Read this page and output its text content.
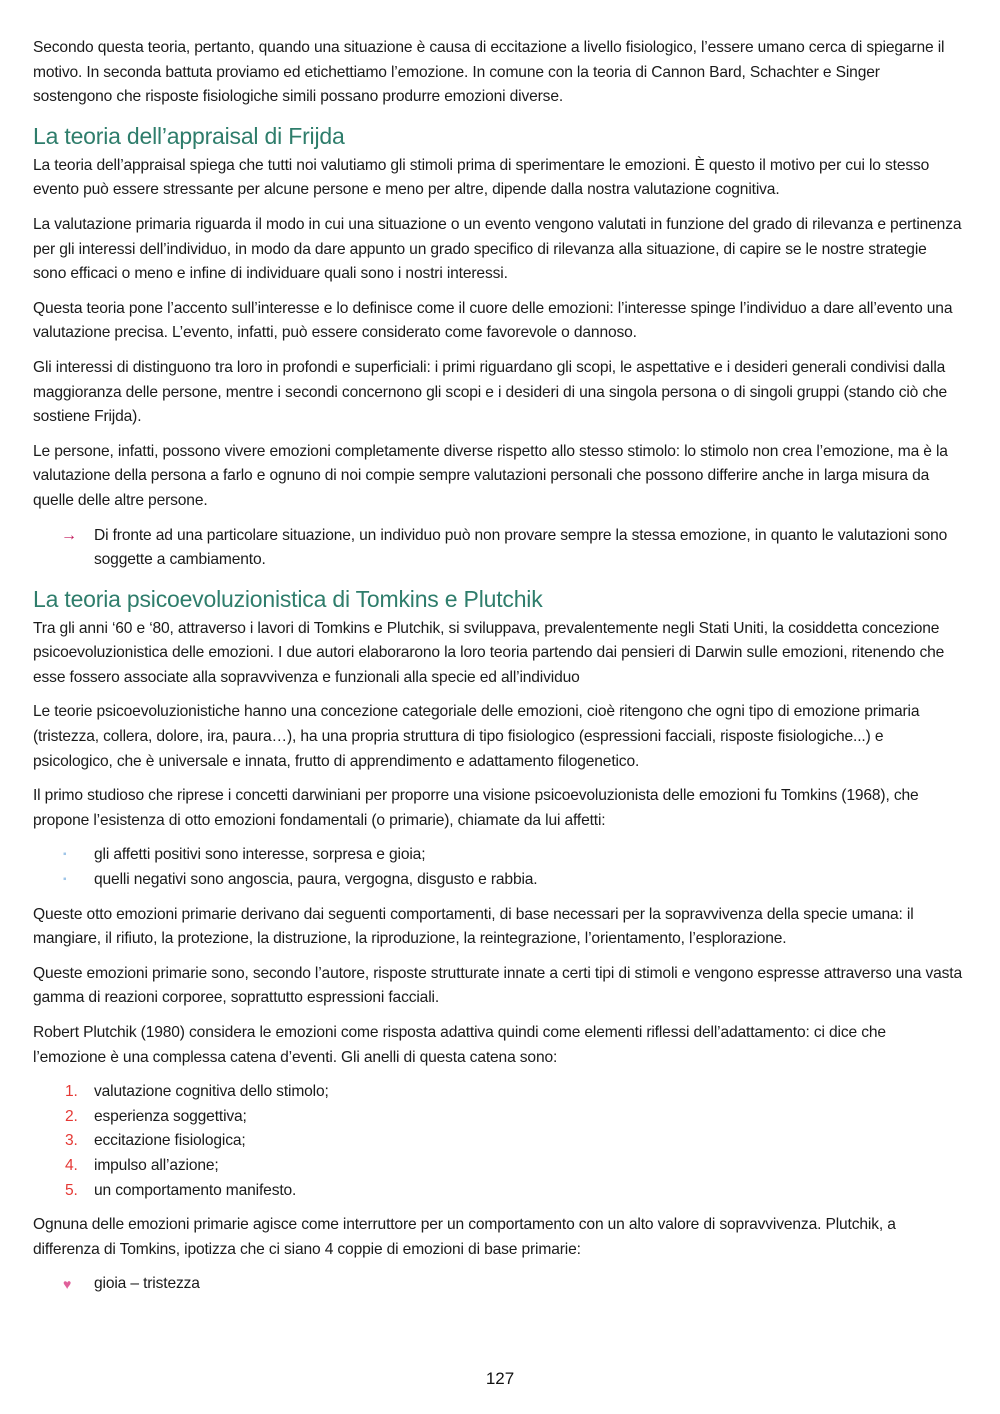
Secondo questa teoria, pertanto, quando una situazione è causa di eccitazione a livello fisiologico, l’essere umano cerca di spiegarne il motivo. In seconda battuta proviamo ed etichettiamo l’emozione. In comune con la teoria di Cannon Bard, Schachter e Singer sostengono che risposte fisiologiche simili possano produrre emozioni diverse.

La teoria dell’appraisal di Frijda

La teoria dell’appraisal spiega che tutti noi valutiamo gli stimoli prima di sperimentare le emozioni. È questo il motivo per cui lo stesso evento può essere stressante per alcune persone e meno per altre, dipende dalla nostra valutazione cognitiva.

La valutazione primaria riguarda il modo in cui una situazione o un evento vengono valutati in funzione del grado di rilevanza e pertinenza per gli interessi dell’individuo, in modo da dare appunto un grado specifico di rilevanza alla situazione, di capire se le nostre strategie sono efficaci o meno e infine di individuare quali sono i nostri interessi.

Questa teoria pone l’accento sull’interesse e lo definisce come il cuore delle emozioni: l’interesse spinge l’individuo a dare all’evento una valutazione precisa. L’evento, infatti, può essere considerato come favorevole o dannoso.

Gli interessi di distinguono tra loro in profondi e superficiali: i primi riguardano gli scopi, le aspettative e i desideri generali condivisi dalla maggioranza delle persone, mentre i secondi concernono gli scopi e i desideri di una singola persona o di singoli gruppi (stando ciò che sostiene Frijda).

Le persone, infatti, possono vivere emozioni completamente diverse rispetto allo stesso stimolo: lo stimolo non crea l’emozione, ma è la valutazione della persona a farlo e ognuno di noi compie sempre valutazioni personali che possono differire anche in larga misura da quelle delle altre persone.

→ Di fronte ad una particolare situazione, un individuo può non provare sempre la stessa emozione, in quanto le valutazioni sono soggette a cambiamento.
La teoria psicoevoluzionistica di Tomkins e Plutchik

Tra gli anni ‘60 e ‘80, attraverso i lavori di Tomkins e Plutchik, si sviluppava, prevalentemente negli Stati Uniti, la cosiddetta concezione psicoevoluzionistica delle emozioni. I due autori elaborarono la loro teoria partendo dai pensieri di Darwin sulle emozioni, ritenendo che esse fossero associate alla sopravvivenza e funzionali alla specie ed all’individuo

Le teorie psicoevoluzionistiche hanno una concezione categoriale delle emozioni, cioè ritengono che ogni tipo di emozione primaria (tristezza, collera, dolore, ira, paura…), ha una propria struttura di tipo fisiologico (espressioni facciali, risposte fisiologiche...) e psicologico, che è universale e innata, frutto di apprendimento e adattamento filogenetico.

Il primo studioso che riprese i concetti darwiniani per proporre una visione psicoevoluzionista delle emozioni fu Tomkins (1968), che propone l’esistenza di otto emozioni fondamentali (o primarie), chiamate da lui affetti:

▪ gli affetti positivi sono interesse, sorpresa e gioia;
▪ quelli negativi sono angoscia, paura, vergogna, disgusto e rabbia.

Queste otto emozioni primarie derivano dai seguenti comportamenti, di base necessari per la sopravvivenza della specie umana: il mangiare, il rifiuto, la protezione, la distruzione, la riproduzione, la reintegrazione, l’orientamento, l’esplorazione.

Queste emozioni primarie sono, secondo l’autore, risposte strutturate innate a certi tipi di stimoli e vengono espresse attraverso una vasta gamma di reazioni corporee, soprattutto espressioni facciali.

Robert Plutchik (1980) considera le emozioni come risposta adattiva quindi come elementi riflessi dell’adattamento: ci dice che l’emozione è una complessa catena d’eventi. Gli anelli di questa catena sono:

1. valutazione cognitiva dello stimolo;
2. esperienza soggettiva;
3. eccitazione fisiologica;
4. impulso all’azione;
5. un comportamento manifesto.

Ognuna delle emozioni primarie agisce come interruttore per un comportamento con un alto valore di sopravvivenza. Plutchik, a differenza di Tomkins, ipotizza che ci siano 4 coppie di emozioni di base primarie:

♥ gioia – tristezza
127
